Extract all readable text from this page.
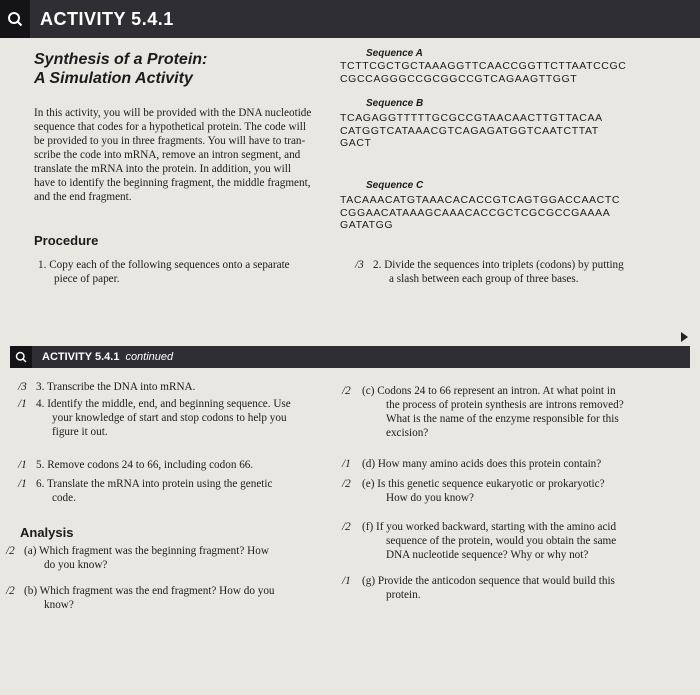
ACTIVITY 5.4.1
Synthesis of a Protein:
A Simulation Activity
In this activity, you will be provided with the DNA nucleotide
sequence that codes for a hypothetical protein. The code will
be provided to you in three fragments. You will have to tran-
scribe the code into mRNA, remove an intron segment, and
translate the mRNA into the protein. In addition, you will
have to identify the beginning fragment, the middle fragment,
and the end fragment.
Sequence A
TCTTCGCTGCTAAAGGTTCAACCGGTTCTTAATCCGC
CGCCAGGGCCGCGGCCGTCAGAAGTTGGT
Sequence B
TCAGAGGTTTTTGCGCCGTAACAACTTGTTACAA
CATGGTCATAAACGTCAGAGATGGTCAATCTTAT
GACT
Sequence C
TACAAACATGTAAACACACCGTCAGTGGACCAACTC
CGGAACATAAAGCAAACACCGCTCGCGCCGAAAA
GATATGG
Procedure
1. Copy each of the following sequences onto a separate
piece of paper.
/3 2. Divide the sequences into triplets (codons) by putting
a slash between each group of three bases.
ACTIVITY 5.4.1 continued
/3 3. Transcribe the DNA into mRNA.
/1 4. Identify the middle, end, and beginning sequence. Use
your knowledge of start and stop codons to help you
figure it out.
/1 5. Remove codons 24 to 66, including codon 66.
/1 6. Translate the mRNA into protein using the genetic
code.
Analysis
/2 (a) Which fragment was the beginning fragment? How
do you know?
/2 (b) Which fragment was the end fragment? How do you
know?
/2 (c) Codons 24 to 66 represent an intron. At what point in
the process of protein synthesis are introns removed?
What is the name of the enzyme responsible for this
excision?
/1 (d) How many amino acids does this protein contain?
/2 (e) Is this genetic sequence eukaryotic or prokaryotic?
How do you know?
/2 (f) If you worked backward, starting with the amino acid
sequence of the protein, would you obtain the same
DNA nucleotide sequence? Why or why not?
/1 (g) Provide the anticodon sequence that would build this
protein.
